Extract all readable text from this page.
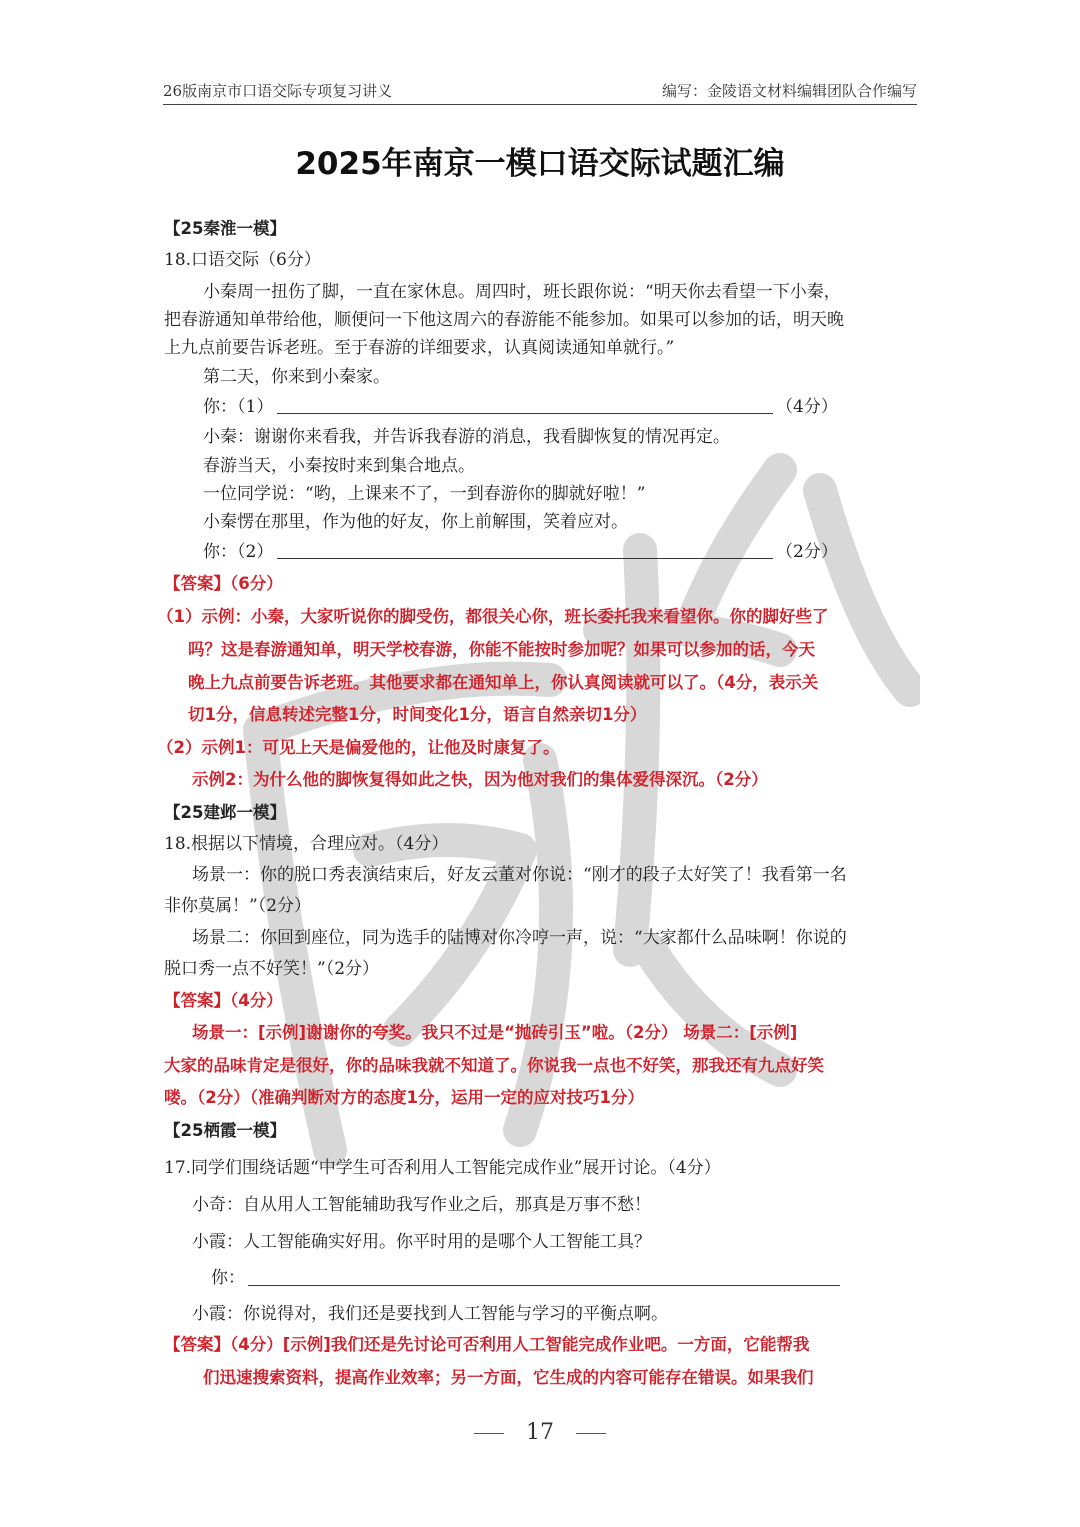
26版南京市口语交际专项复习讲义	编写：金陵语文材料编辑团队合作编写
2025年南京一模口语交际试题汇编
【25秦淮一模】
18.口语交际（6分）
小秦周一扭伤了脚，一直在家休息。周四时，班长跟你说：“明天你去看望一下小秦，
把春游通知单带给他，顺便问一下他这周六的春游能不能参加。如果可以参加的话，明天晚
上九点前要告诉老班。至于春游的详细要求，认真阅读通知单就行。”
第二天，你来到小秦家。
你：（1）	（4分）
小秦：谢谢你来看我，并告诉我春游的消息，我看脚恢复的情况再定。
春游当天，小秦按时来到集合地点。
一位同学说：“哟，上课来不了，一到春游你的脚就好啦！”
小秦愣在那里，作为他的好友，你上前解围，笑着应对。
你：（2）	（2分）
【答案】（6分）
（1）示例：小秦，大家听说你的脚受伤，都很关心你，班长委托我来看望你。你的脚好些了
吗？这是春游通知单，明天学校春游，你能不能按时参加呢？如果可以参加的话，今天
晚上九点前要告诉老班。其他要求都在通知单上，你认真阅读就可以了。（4分，表示关
切1分，信息转述完整1分，时间变化1分，语言自然亲切1分）
（2）示例1：可见上天是偏爱他的，让他及时康复了。
示例2：为什么他的脚恢复得如此之快，因为他对我们的集体爱得深沉。（2分）
【25建邺一模】
18.根据以下情境，合理应对。（4分）
场景一：你的脱口秀表演结束后，好友云董对你说：“刚才的段子太好笑了！我看第一名
非你莫属！”（2分）
场景二：你回到座位，同为选手的陆博对你冷哼一声，说：“大家都什么品味啊！你说的
脱口秀一点不好笑！”（2分）
【答案】（4分）
场景一：[示例]谢谢你的夸奖。我只不过是“抛砖引玉”啦。（2分） 场景二：[示例]
大家的品味肯定是很好，你的品味我就不知道了。你说我一点也不好笑，那我还有九点好笑
喽。（2分）（准确判断对方的态度1分，运用一定的应对技巧1分）
【25栖霞一模】
17.同学们围绕话题“中学生可否利用人工智能完成作业”展开讨论。（4分）
小奇：自从用人工智能辅助我写作业之后，那真是万事不愁！
小霞：人工智能确实好用。你平时用的是哪个人工智能工具？
你：
小霞：你说得对，我们还是要找到人工智能与学习的平衡点啊。
【答案】（4分）[示例]我们还是先讨论可否利用人工智能完成作业吧。一方面，它能帮我
们迅速搜索资料，提高作业效率；另一方面，它生成的内容可能存在错误。如果我们
17
